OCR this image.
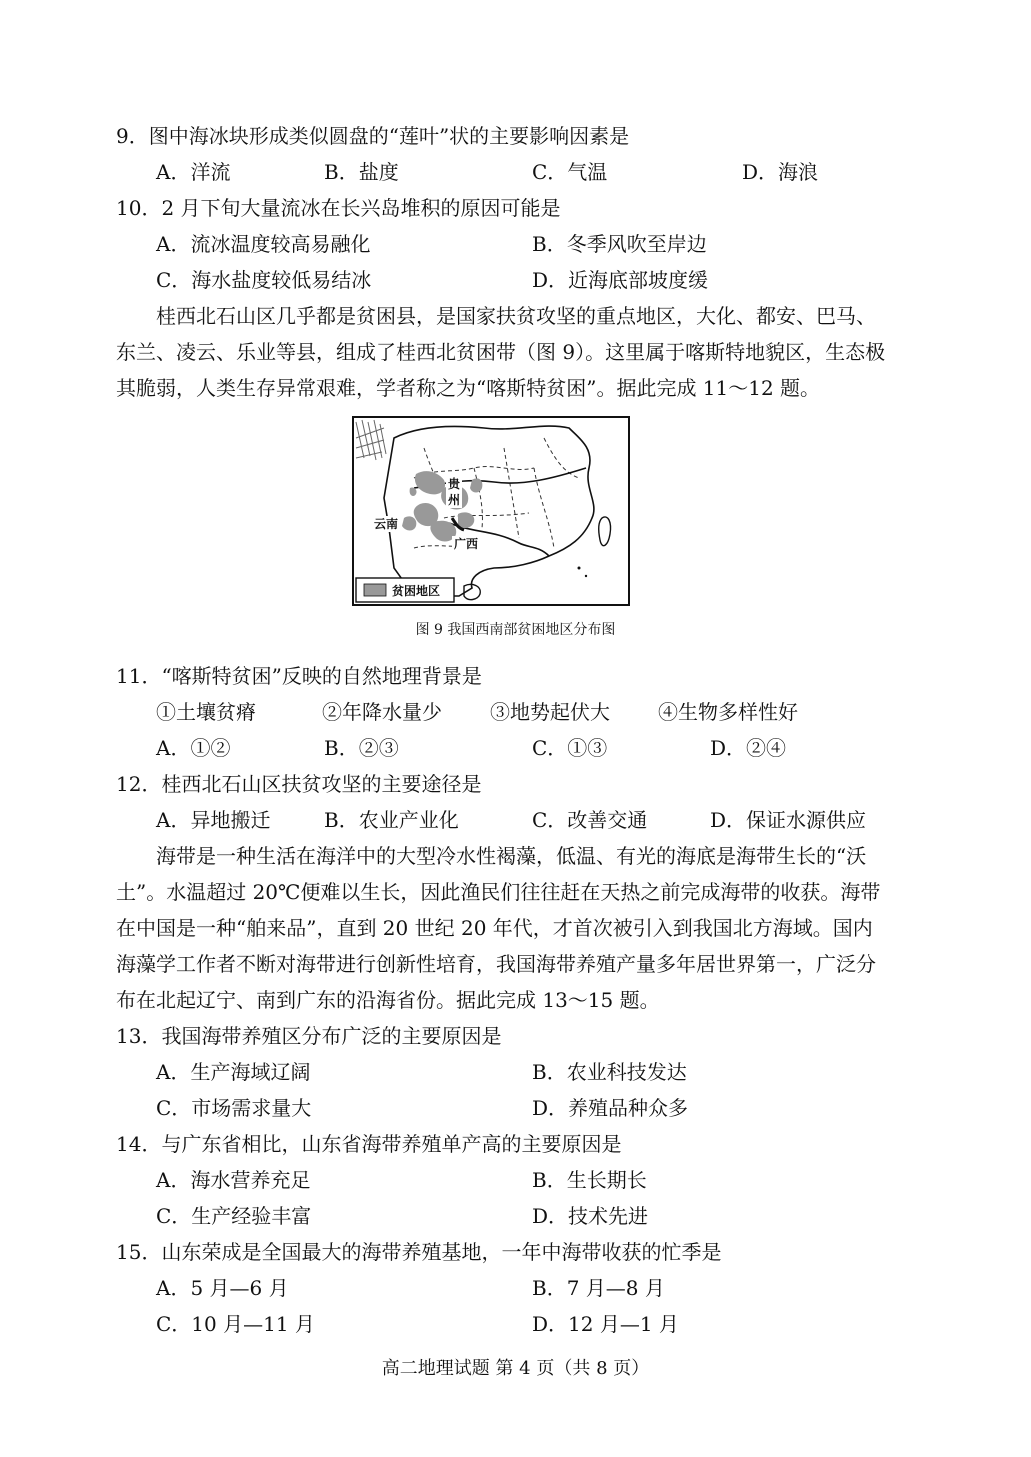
9．图中海冰块形成类似圆盘的“莲叶”状的主要影响因素是
A．洋流	B．盐度	C．气温	D．海浪
10．2 月下旬大量流冰在长兴岛堆积的原因可能是
A．流冰温度较高易融化	B．冬季风吹至岸边
C．海水盐度较低易结冰	D．近海底部坡度缓
桂西北石山区几乎都是贫困县，是国家扶贫攻坚的重点地区，大化、都安、巴马、
东兰、凌云、乐业等县，组成了桂西北贫困带（图 9）。这里属于喀斯特地貌区，生态极
其脆弱，人类生存异常艰难，学者称之为“喀斯特贫困”。据此完成 11～12 题。
贵
州
云南
广西
贫困地区
图 9 我国西南部贫困地区分布图
11．“喀斯特贫困”反映的自然地理背景是
①土壤贫瘠	②年降水量少 ③地势起伏大 ④生物多样性好
A．①②	B．②③	C．①③	D．②④
12．桂西北石山区扶贫攻坚的主要途径是
A．异地搬迁	B．农业产业化	C．改善交通	D．保证水源供应
海带是一种生活在海洋中的大型冷水性褐藻，低温、有光的海底是海带生长的“沃
土”。水温超过 20℃便难以生长，因此渔民们往往赶在天热之前完成海带的收获。海带
在中国是一种“舶来品”，直到 20 世纪 20 年代，才首次被引入到我国北方海域。国内
海藻学工作者不断对海带进行创新性培育，我国海带养殖产量多年居世界第一，广泛分
布在北起辽宁、南到广东的沿海省份。据此完成 13～15 题。
13．我国海带养殖区分布广泛的主要原因是
A．生产海域辽阔	B．农业科技发达
C．市场需求量大	D．养殖品种众多
14．与广东省相比，山东省海带养殖单产高的主要原因是
A．海水营养充足	B．生长期长
C．生产经验丰富	D．技术先进
15．山东荣成是全国最大的海带养殖基地，一年中海带收获的忙季是
A．5 月—6 月	B．7 月—8 月
C．10 月—11 月	D．12 月—1 月
高二地理试题 第 4 页（共 8 页）
